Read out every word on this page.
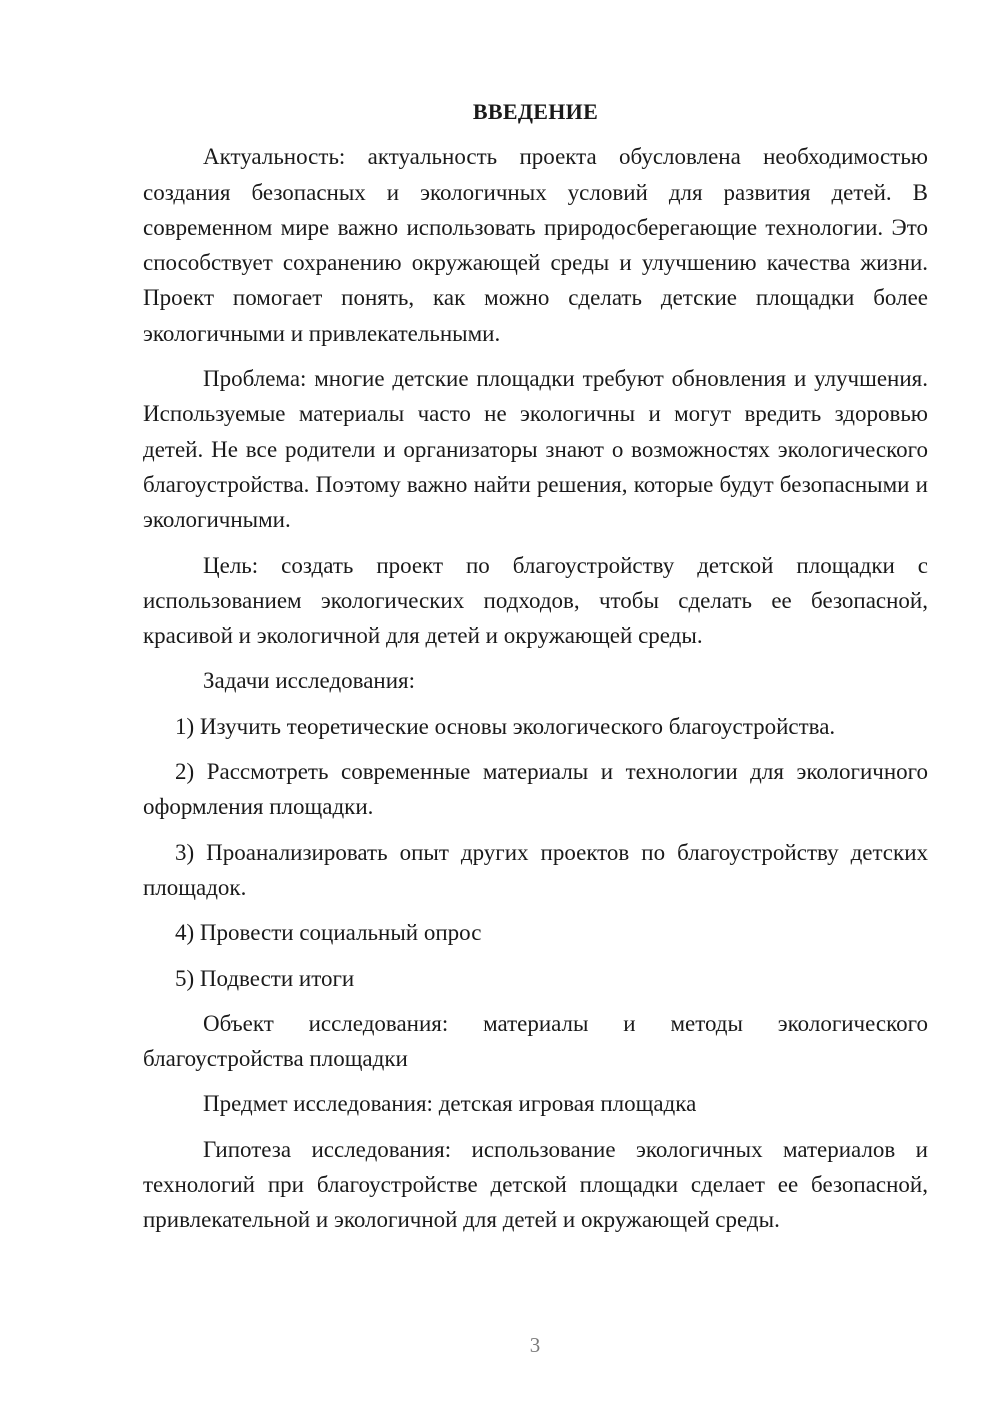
ВВЕДЕНИЕ

Актуальность: актуальность проекта обусловлена необходимостью создания безопасных и экологичных условий для развития детей. В современном мире важно использовать природосберегающие технологии. Это способствует сохранению окружающей среды и улучшению качества жизни. Проект помогает понять, как можно сделать детские площадки более экологичными и привлекательными.

Проблема: многие детские площадки требуют обновления и улучшения. Используемые материалы часто не экологичны и могут вредить здоровью детей. Не все родители и организаторы знают о возможностях экологического благоустройства. Поэтому важно найти решения, которые будут безопасными и экологичными.

Цель: создать проект по благоустройству детской площадки с использованием экологических подходов, чтобы сделать ее безопасной, красивой и экологичной для детей и окружающей среды.

Задачи исследования:

1) Изучить теоретические основы экологического благоустройства.

2) Рассмотреть современные материалы и технологии для экологичного оформления площадки.

3) Проанализировать опыт других проектов по благоустройству детских площадок.

4) Провести социальный опрос

5) Подвести итоги

Объект исследования: материалы и методы экологического благоустройства площадки

Предмет исследования: детская игровая площадка

Гипотеза исследования: использование экологичных материалов и технологий при благоустройстве детской площадки сделает ее безопасной, привлекательной и экологичной для детей и окружающей среды.

3
